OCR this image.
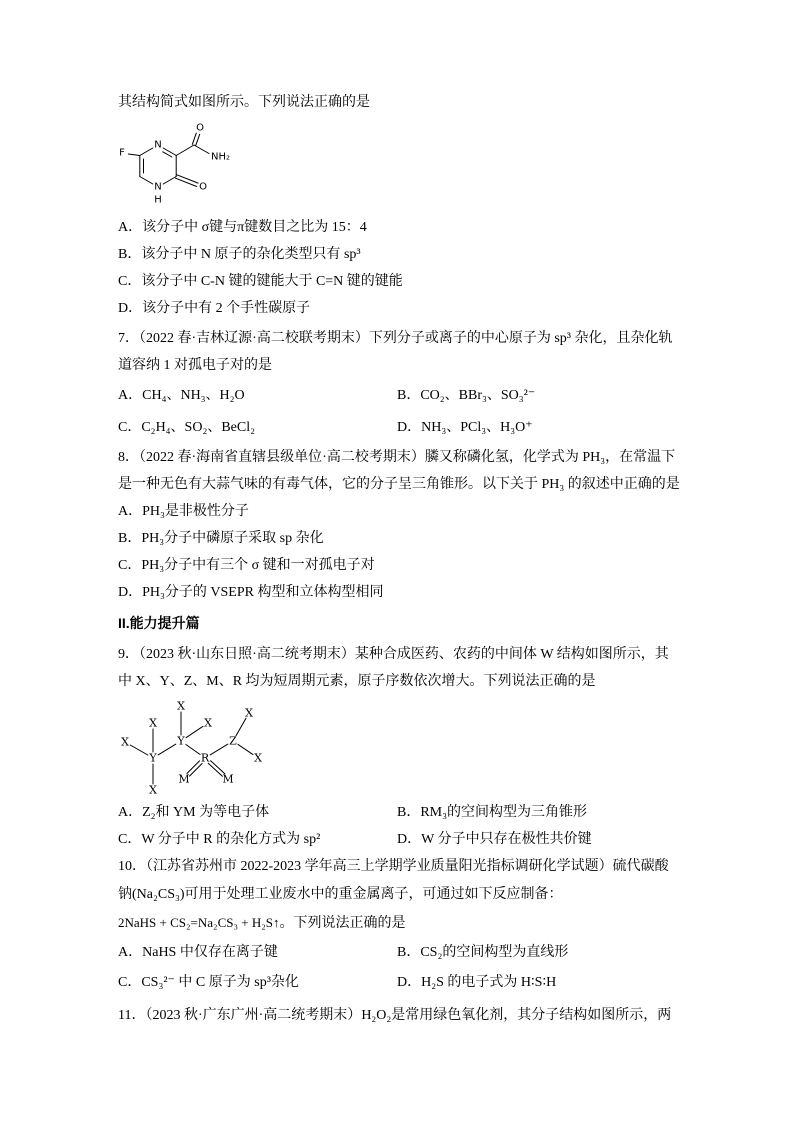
其结构简式如图所示。下列说法正确的是
F
N
O
NH₂
O
N
H
A．该分子中 σ键与π键数目之比为 15：4
B．该分子中 N 原子的杂化类型只有 sp³
C．该分子中 C-N 键的键能大于 C=N 键的键能
D．该分子中有 2 个手性碳原子
7．（2022 春·吉林辽源·高二校联考期末）下列分子或离子的中心原子为 sp³ 杂化，且杂化轨
道容纳 1 对孤电子对的是
A．CH₄、NH₃、H₂O	B．CO₂、BBr₃、SO₃²⁻
C．C₂H₄、SO₂、BeCl₂	D．NH₃、PCl₃、H₃O⁺
8．（2022 春·海南省直辖县级单位·高二校考期末）膦又称磷化氢，化学式为 PH₃，在常温下
是一种无色有大蒜气味的有毒气体，它的分子呈三角锥形。以下关于 PH₃ 的叙述中正确的是
A．PH₃是非极性分子
B．PH₃分子中磷原子采取 sp 杂化
C．PH₃分子中有三个 σ 键和一对孤电子对
D．PH₃分子的 VSEPR 构型和立体构型相同
II.能力提升篇
9．（2023 秋·山东日照·高二统考期末）某种合成医药、农药的中间体 W 结构如图所示，其
中 X、Y、Z、M、R 均为短周期元素，原子序数依次增大。下列说法正确的是
X
X	X
X
X	Y	Z
Y	R	X
M	M
X
A．Z₂和 YM 为等电子体	B．RM₃的空间构型为三角锥形
C．W 分子中 R 的杂化方式为 sp²	D．W 分子中只存在极性共价键
10．（江苏省苏州市 2022-2023 学年高三上学期学业质量阳光指标调研化学试题）硫代碳酸
钠(Na₂CS₃)可用于处理工业废水中的重金属离子，可通过如下反应制备：
2NaHS + CS₂=Na₂CS₃ + H₂S↑。下列说法正确的是
A．NaHS 中仅存在离子键	B．CS₂的空间构型为直线形
C．CS₃²⁻ 中 C 原子为 sp³杂化	D．H₂S 的电子式为 H∶S∶H
11．（2023 秋·广东广州·高二统考期末）H₂O₂是常用绿色氧化剂，其分子结构如图所示，两
